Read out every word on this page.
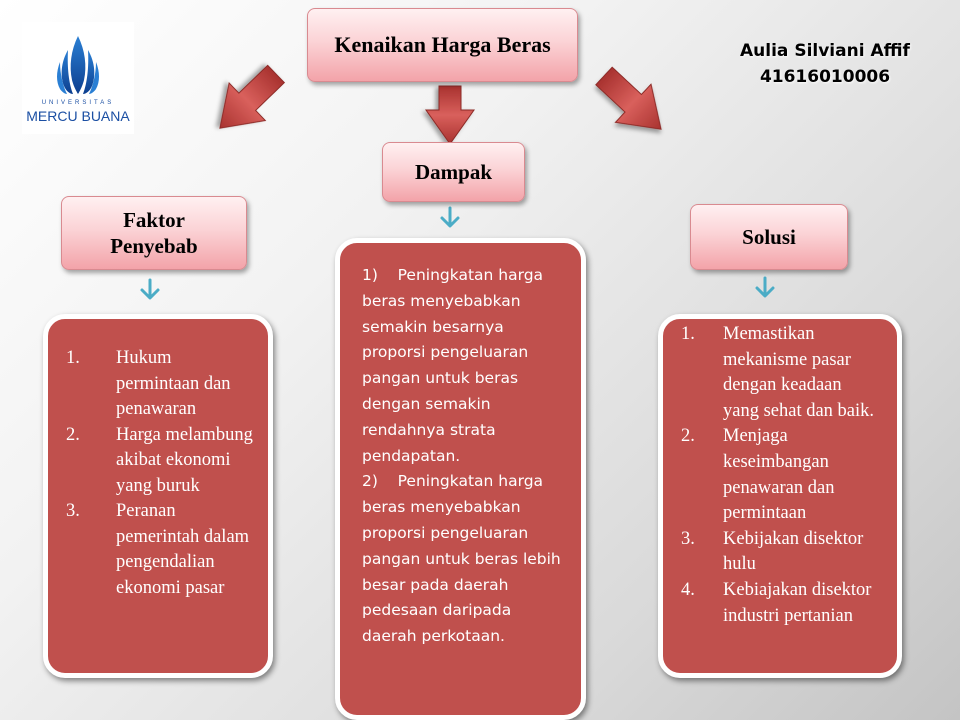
UNIVERSITAS
MERCU BUANA
Aulia Silviani Affif
41616010006
Kenaikan Harga Beras
Faktor Penyebab
Dampak
Solusi
1. Hukum permintaan dan penawaran
2. Harga melambung akibat ekonomi yang buruk
3. Peranan pemerintah dalam pengendalian ekonomi pasar
1) Peningkatan harga beras menyebabkan semakin besarnya proporsi pengeluaran pangan untuk beras dengan semakin rendahnya strata pendapatan.
2) Peningkatan harga beras menyebabkan proporsi pengeluaran pangan untuk beras lebih besar pada daerah pedesaan daripada daerah perkotaan.
1. Memastikan mekanisme pasar dengan keadaan yang sehat dan baik.
2. Menjaga keseimbangan penawaran dan permintaan
3. Kebijakan disektor hulu
4. Kebiajakan disektor industri pertanian
